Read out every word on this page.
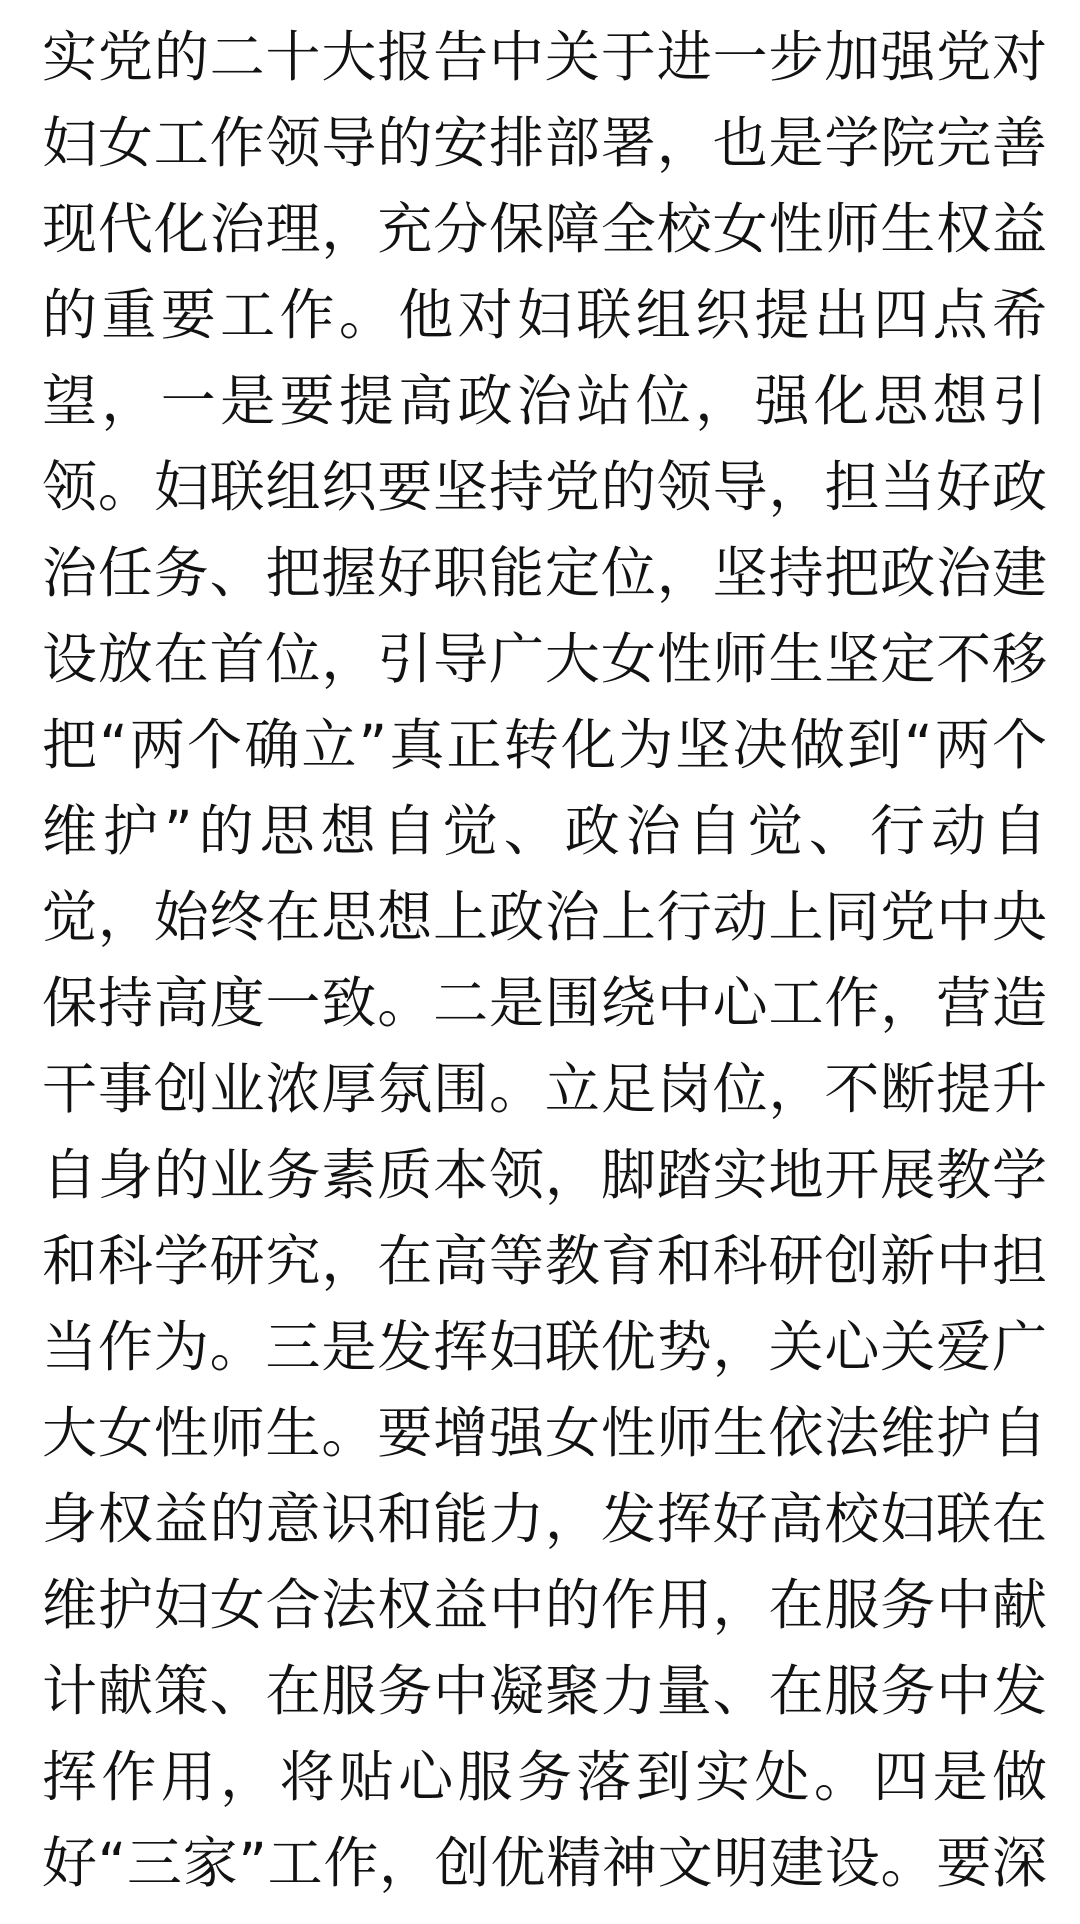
实党的二十大报告中关于进一步加强党对
妇女工作领导的安排部署，也是学院完善
现代化治理，充分保障全校女性师生权益
的重要工作。他对妇联组织提出四点希
望，一是要提高政治站位，强化思想引
领。妇联组织要坚持党的领导，担当好政
治任务、把握好职能定位，坚持把政治建
设放在首位，引导广大女性师生坚定不移
把“两个确立”真正转化为坚决做到“两个
维护”的思想自觉、政治自觉、行动自
觉，始终在思想上政治上行动上同党中央
保持高度一致。二是围绕中心工作，营造
干事创业浓厚氛围。立足岗位，不断提升
自身的业务素质本领，脚踏实地开展教学
和科学研究，在高等教育和科研创新中担
当作为。三是发挥妇联优势，关心关爱广
大女性师生。要增强女性师生依法维护自
身权益的意识和能力，发挥好高校妇联在
维护妇女合法权益中的作用，在服务中献
计献策、在服务中凝聚力量、在服务中发
挥作用，将贴心服务落到实处。四是做
好“三家”工作，创优精神文明建设。要深
